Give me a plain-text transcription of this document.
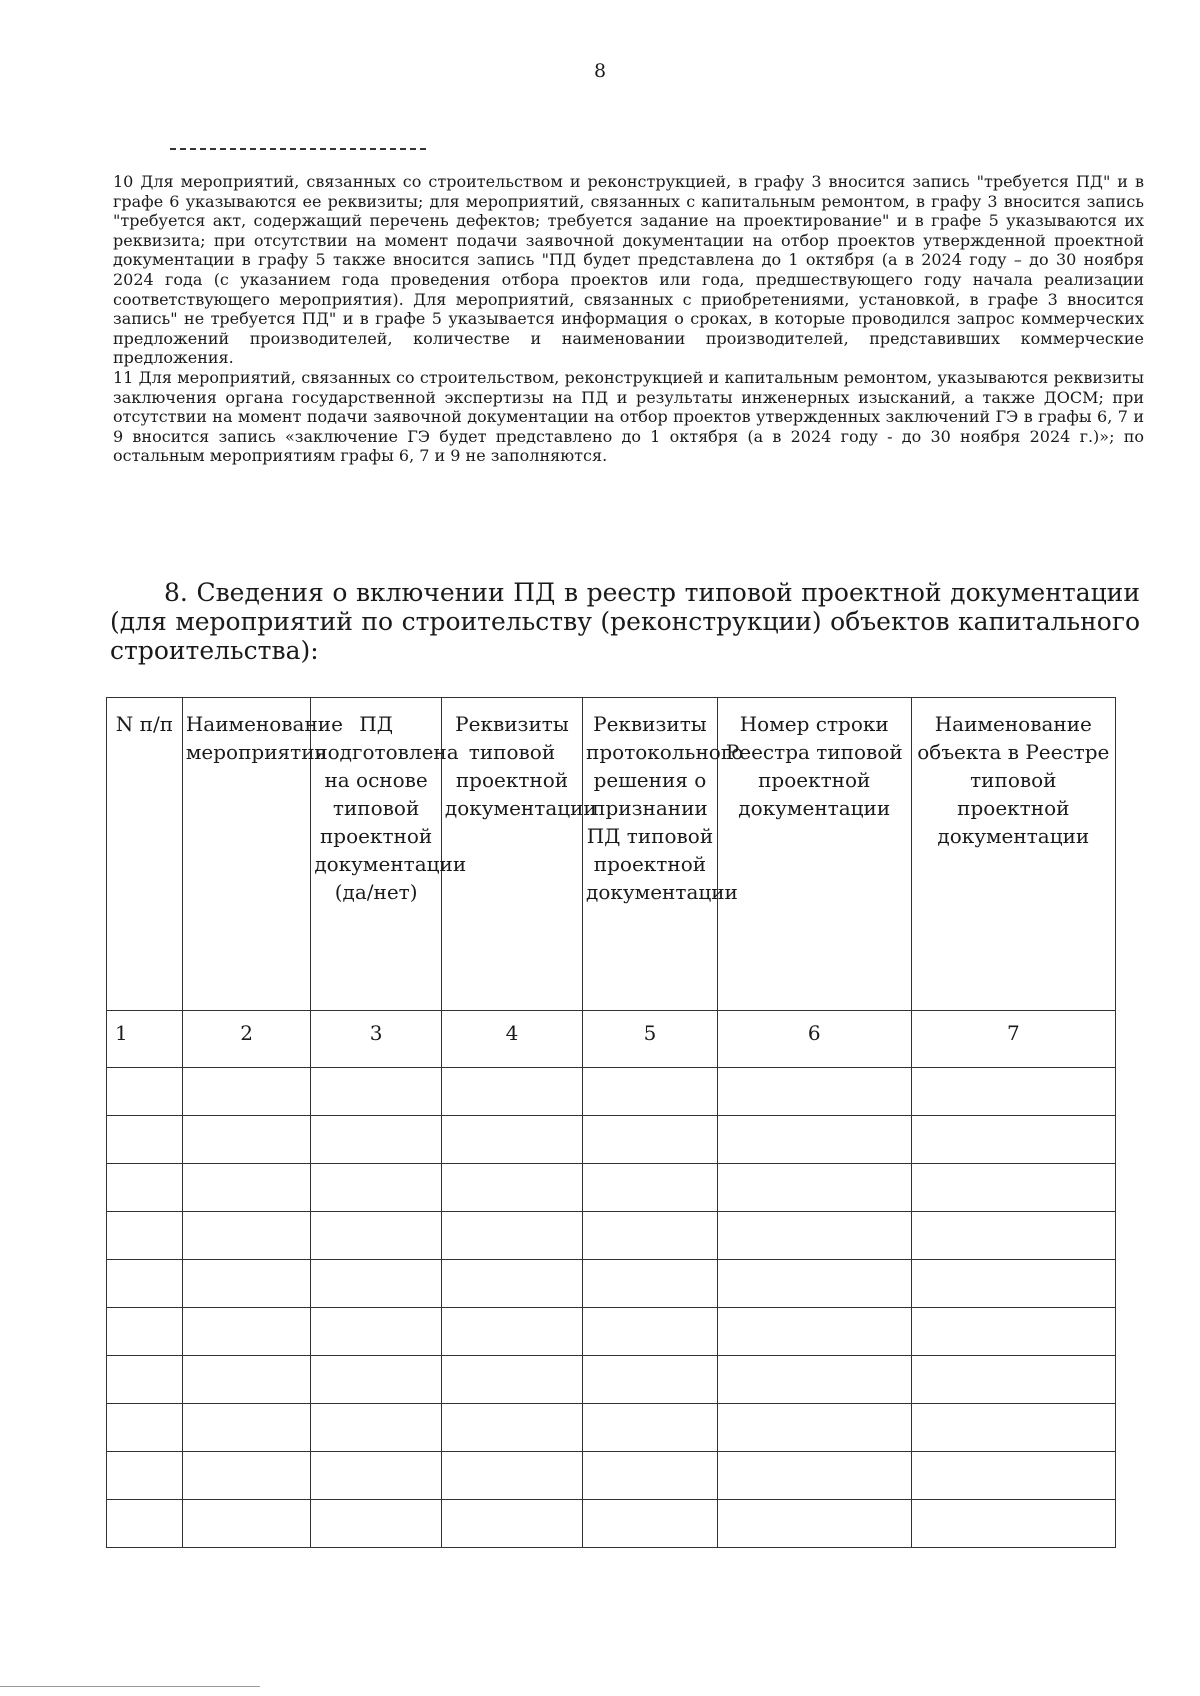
8

10 Для мероприятий, связанных со строительством и реконструкцией, в графу 3 вносится запись "требуется ПД" и в графе 6 указываются ее реквизиты; для мероприятий, связанных с капитальным ремонтом, в графу 3 вносится запись "требуется акт, содержащий перечень дефектов; требуется задание на проектирование" и в графе 5 указываются их реквизита; при отсутствии на момент подачи заявочной документации на отбор проектов утвержденной проектной документации в графу 5 также вносится запись "ПД будет представлена до 1 октября (а в 2024 году – до 30 ноября 2024 года (с указанием года проведения отбора проектов или года, предшествующего году начала реализации соответствующего мероприятия). Для мероприятий, связанных с приобретениями, установкой, в графе 3 вносится запись" не требуется ПД" и в графе 5 указывается информация о сроках, в которые проводился запрос коммерческих предложений производителей, количестве и наименовании производителей, представивших коммерческие предложения.

11 Для мероприятий, связанных со строительством, реконструкцией и капитальным ремонтом, указываются реквизиты заключения органа государственной экспертизы на ПД и результаты инженерных изысканий, а также ДОСМ; при отсутствии на момент подачи заявочной документации на отбор проектов утвержденных заключений ГЭ в графы 6, 7 и 9 вносится запись «заключение ГЭ будет представлено до 1 октября (а в 2024 году - до 30 ноября 2024 г.)»; по остальным мероприятиям графы 6, 7 и 9 не заполняются.

8. Сведения о включении ПД в реестр типовой проектной документации (для мероприятий по строительству (реконструкции) объектов капитального строительства):
N п/п	Наименование мероприятия	ПД подготовлена на основе типовой проектной документации (да/нет)	Реквизиты типовой проектной документации	Реквизиты протокольного решения о признании ПД типовой проектной документации	Номер строки Реестра типовой проектной документации	Наименование объекта в Реестре типовой проектной документации
1	2	3	4	5	6	7
